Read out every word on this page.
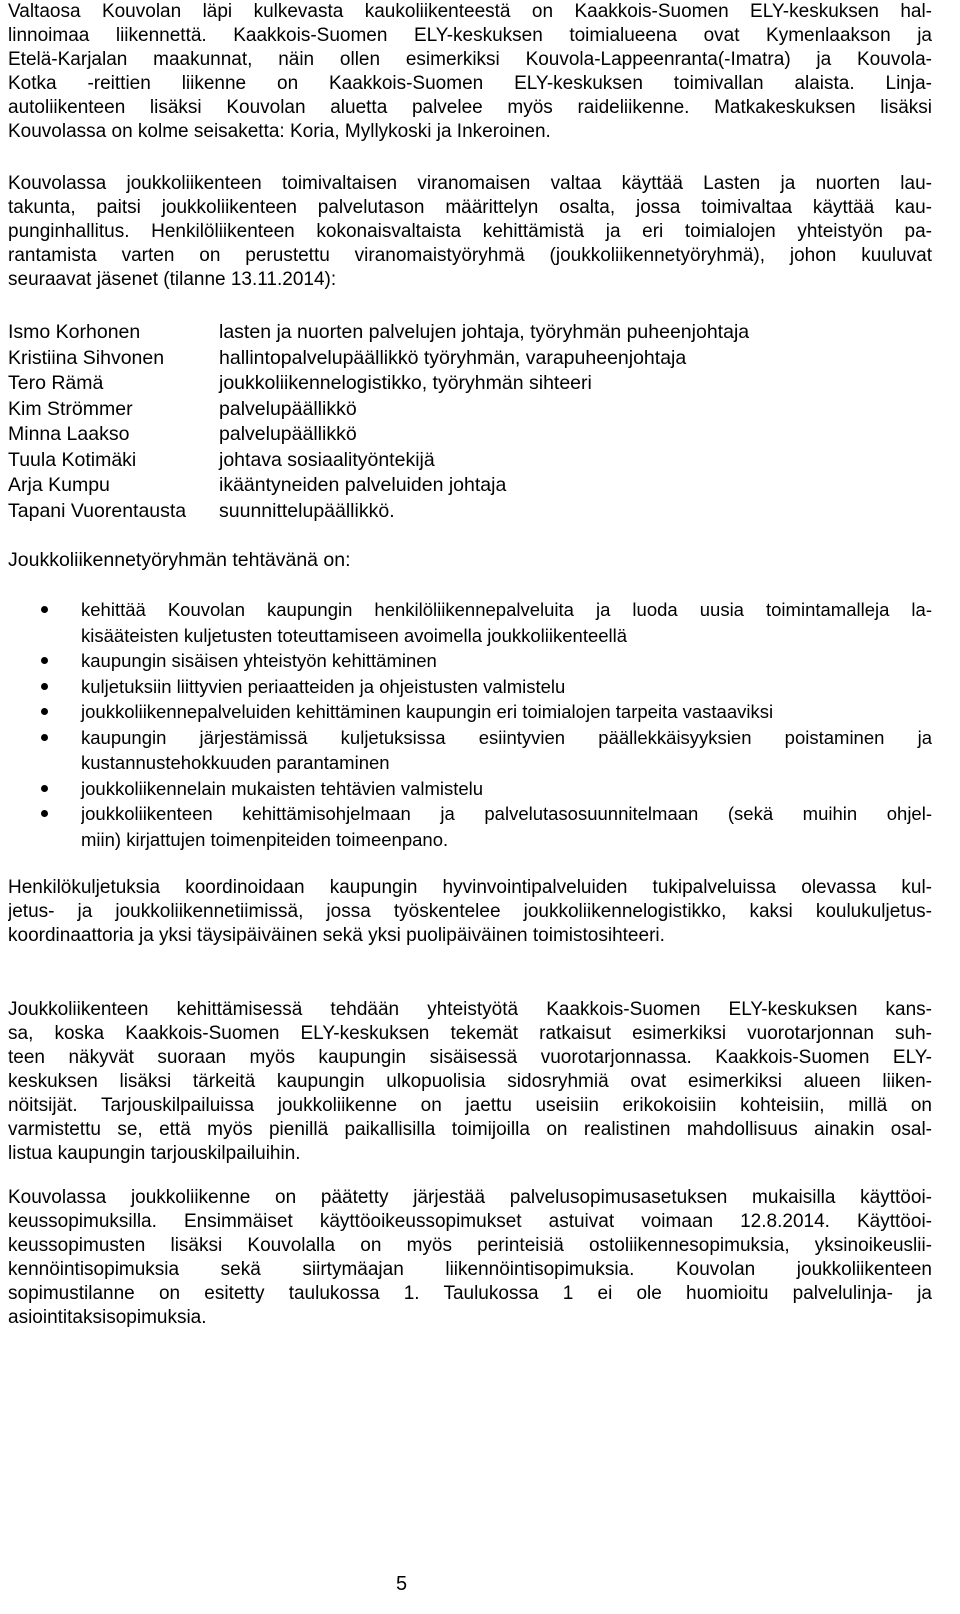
Valtaosa Kouvolan läpi kulkevasta kaukoliikenteestä on Kaakkois-Suomen ELY-keskuksen hal-
linnoimaa liikennettä. Kaakkois-Suomen ELY-keskuksen toimialueena ovat Kymenlaakson ja
Etelä-Karjalan maakunnat, näin ollen esimerkiksi Kouvola-Lappeenranta(-Imatra) ja Kouvola-
Kotka -reittien liikenne on Kaakkois-Suomen ELY-keskuksen toimivallan alaista. Linja-
autoliikenteen lisäksi Kouvolan aluetta palvelee myös raideliikenne. Matkakeskuksen lisäksi
Kouvolassa on kolme seisaketta: Koria, Myllykoski ja Inkeroinen.
Kouvolassa joukkoliikenteen toimivaltaisen viranomaisen valtaa käyttää Lasten ja nuorten lau-
takunta, paitsi joukkoliikenteen palvelutason määrittelyn osalta, jossa toimivaltaa käyttää kau-
punginhallitus. Henkilöliikenteen kokonaisvaltaista kehittämistä ja eri toimialojen yhteistyön pa-
rantamista varten on perustettu viranomaistyöryhmä (joukkoliikennetyöryhmä), johon kuuluvat
seuraavat jäsenet (tilanne 13.11.2014):
Ismo Korhonen	lasten ja nuorten palvelujen johtaja, työryhmän puheenjohtaja
Kristiina Sihvonen	hallintopalvelupäällikkö työryhmän, varapuheenjohtaja
Tero Rämä	joukkoliikennelogistikko, työryhmän sihteeri
Kim Strömmer	palvelupäällikkö
Minna Laakso	palvelupäällikkö
Tuula Kotimäki	johtava sosiaalityöntekijä
Arja Kumpu	ikääntyneiden palveluiden johtaja
Tapani Vuorentausta	suunnittelupäällikkö.

Joukkoliikennetyöryhmän tehtävänä on:

kehittää Kouvolan kaupungin henkilöliikennepalveluita ja luoda uusia toimintamalleja la-
kisääteisten kuljetusten toteuttamiseen avoimella joukkoliikenteellä
kaupungin sisäisen yhteistyön kehittäminen
kuljetuksiin liittyvien periaatteiden ja ohjeistusten valmistelu
joukkoliikennepalveluiden kehittäminen kaupungin eri toimialojen tarpeita vastaaviksi
kaupungin järjestämissä kuljetuksissa esiintyvien päällekkäisyyksien poistaminen ja
kustannustehokkuuden parantaminen
joukkoliikennelain mukaisten tehtävien valmistelu
joukkoliikenteen kehittämisohjelmaan ja palvelutasosuunnitelmaan (sekä muihin ohjel-
miin) kirjattujen toimenpiteiden toimeenpano.
Henkilökuljetuksia koordinoidaan kaupungin hyvinvointipalveluiden tukipalveluissa olevassa kul-
jetus- ja joukkoliikennetiimissä, jossa työskentelee joukkoliikennelogistikko, kaksi koulukuljetus-
koordinaattoria ja yksi täysipäiväinen sekä yksi puolipäiväinen toimistosihteeri.
Joukkoliikenteen kehittämisessä tehdään yhteistyötä Kaakkois-Suomen ELY-keskuksen kans-
sa, koska Kaakkois-Suomen ELY-keskuksen tekemät ratkaisut esimerkiksi vuorotarjonnan suh-
teen näkyvät suoraan myös kaupungin sisäisessä vuorotarjonnassa. Kaakkois-Suomen ELY-
keskuksen lisäksi tärkeitä kaupungin ulkopuolisia sidosryhmiä ovat esimerkiksi alueen liiken-
nöitsijät. Tarjouskilpailuissa joukkoliikenne on jaettu useisiin erikokoisiin kohteisiin, millä on
varmistettu se, että myös pienillä paikallisilla toimijoilla on realistinen mahdollisuus ainakin osal-
listua kaupungin tarjouskilpailuihin.
Kouvolassa joukkoliikenne on päätetty järjestää palvelusopimusasetuksen mukaisilla käyttöoi-
keussopimuksilla. Ensimmäiset käyttöoikeussopimukset astuivat voimaan 12.8.2014. Käyttöoi-
keussopimusten lisäksi Kouvolalla on myös perinteisiä ostoliikennesopimuksia, yksinoikeuslii-
kennöintisopimuksia sekä siirtymäajan liikennöintisopimuksia. Kouvolan joukkoliikenteen
sopimustilanne on esitetty taulukossa 1. Taulukossa 1 ei ole huomioitu palvelulinja- ja
asiointitaksisopimuksia.

5
